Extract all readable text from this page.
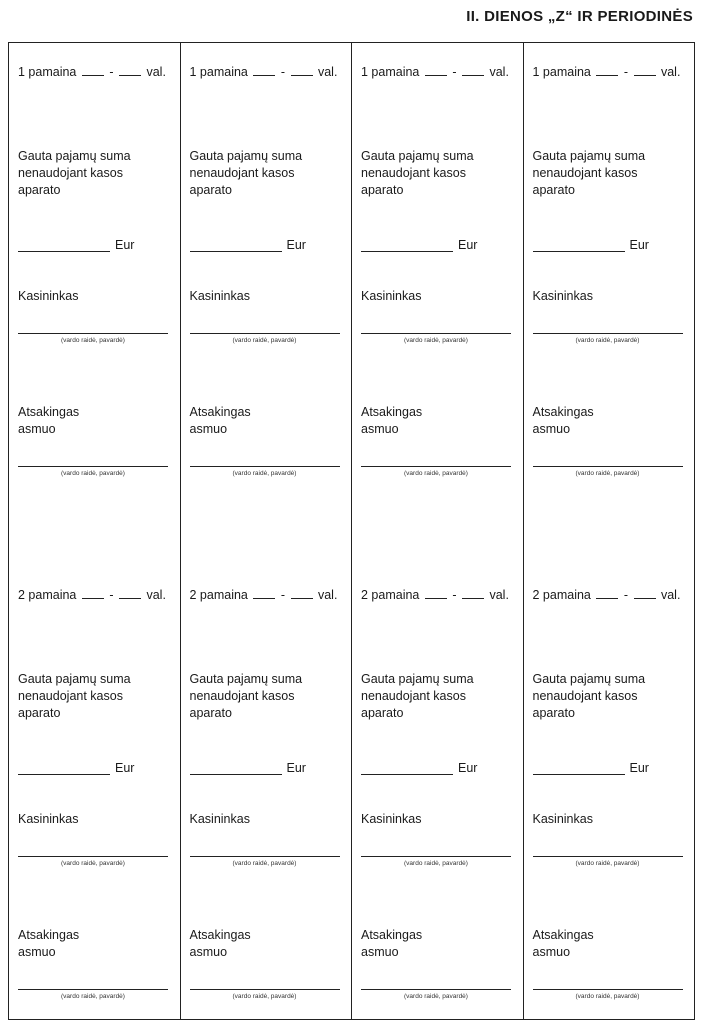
II. DIENOS „Z“ IR PERIODINĖS
1 pamaina	-	val.
Gauta pajamų suma nenaudojant kasos aparato
Eur
Kasininkas
(vardo raidė, pavardė)
Atsakingas
asmuo
(vardo raidė, pavardė)
2 pamaina	-	val.
Gauta pajamų suma nenaudojant kasos aparato
Eur
Kasininkas
(vardo raidė, pavardė)
Atsakingas
asmuo
(vardo raidė, pavardė)
1 pamaina	-	val.
Gauta pajamų suma nenaudojant kasos aparato
Eur
Kasininkas
(vardo raidė, pavardė)
Atsakingas
asmuo
(vardo raidė, pavardė)
2 pamaina	-	val.
Gauta pajamų suma nenaudojant kasos aparato
Eur
Kasininkas
(vardo raidė, pavardė)
Atsakingas
asmuo
(vardo raidė, pavardė)
1 pamaina	-	val.
Gauta pajamų suma nenaudojant kasos aparato
Eur
Kasininkas
(vardo raidė, pavardė)
Atsakingas
asmuo
(vardo raidė, pavardė)
2 pamaina	-	val.
Gauta pajamų suma nenaudojant kasos aparato
Eur
Kasininkas
(vardo raidė, pavardė)
Atsakingas
asmuo
(vardo raidė, pavardė)
1 pamaina	-	val.
Gauta pajamų suma nenaudojant kasos aparato
Eur
Kasininkas
(vardo raidė, pavardė)
Atsakingas
asmuo
(vardo raidė, pavardė)
2 pamaina	-	val.
Gauta pajamų suma nenaudojant kasos aparato
Eur
Kasininkas
(vardo raidė, pavardė)
Atsakingas
asmuo
(vardo raidė, pavardė)
